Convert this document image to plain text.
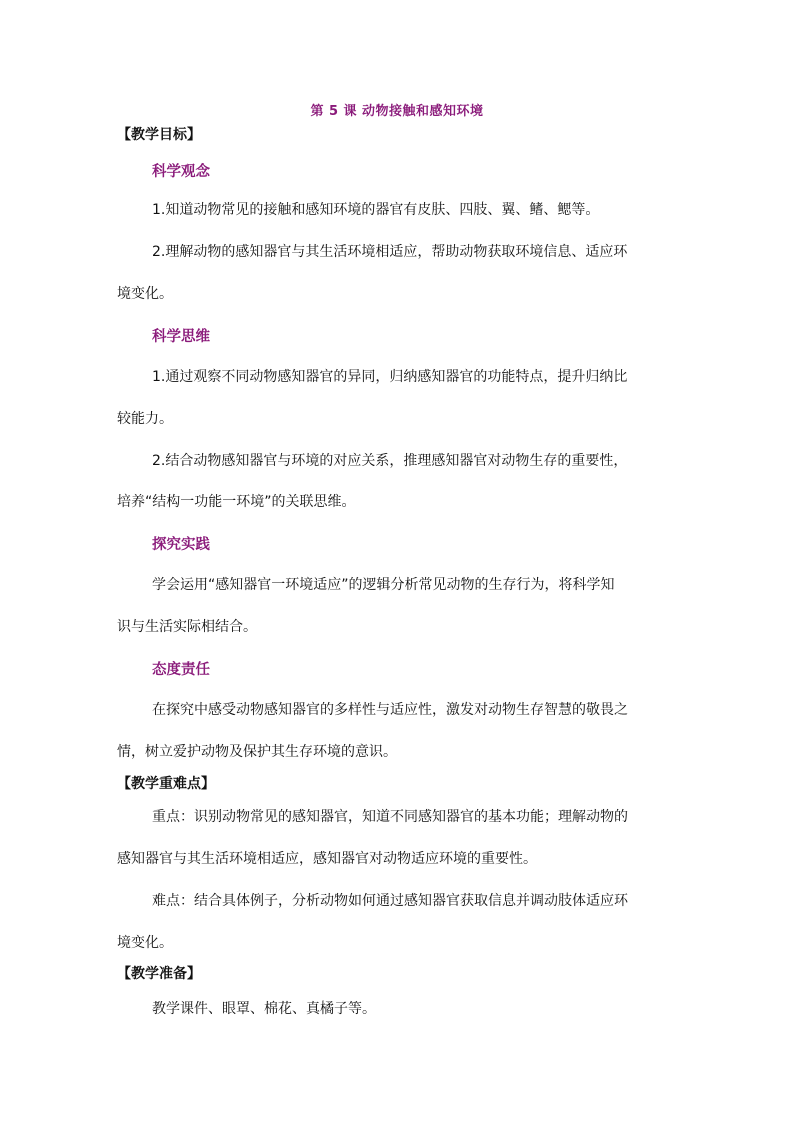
第 5 课 动物接触和感知环境
【教学目标】
科学观念
1.知道动物常见的接触和感知环境的器官有皮肤、四肢、翼、鳍、鳃等。
2.理解动物的感知器官与其生活环境相适应，帮助动物获取环境信息、适应环
境变化。
科学思维
1.通过观察不同动物感知器官的异同，归纳感知器官的功能特点，提升归纳比
较能力。
2.结合动物感知器官与环境的对应关系，推理感知器官对动物生存的重要性，
培养“结构一功能一环境”的关联思维。
探究实践
学会运用“感知器官一环境适应”的逻辑分析常见动物的生存行为，将科学知
识与生活实际相结合。
态度责任
在探究中感受动物感知器官的多样性与适应性，激发对动物生存智慧的敬畏之
情，树立爱护动物及保护其生存环境的意识。
【教学重难点】
重点：识别动物常见的感知器官，知道不同感知器官的基本功能；理解动物的
感知器官与其生活环境相适应，感知器官对动物适应环境的重要性。
难点：结合具体例子，分析动物如何通过感知器官获取信息并调动肢体适应环
境变化。
【教学准备】
教学课件、眼罩、棉花、真橘子等。
